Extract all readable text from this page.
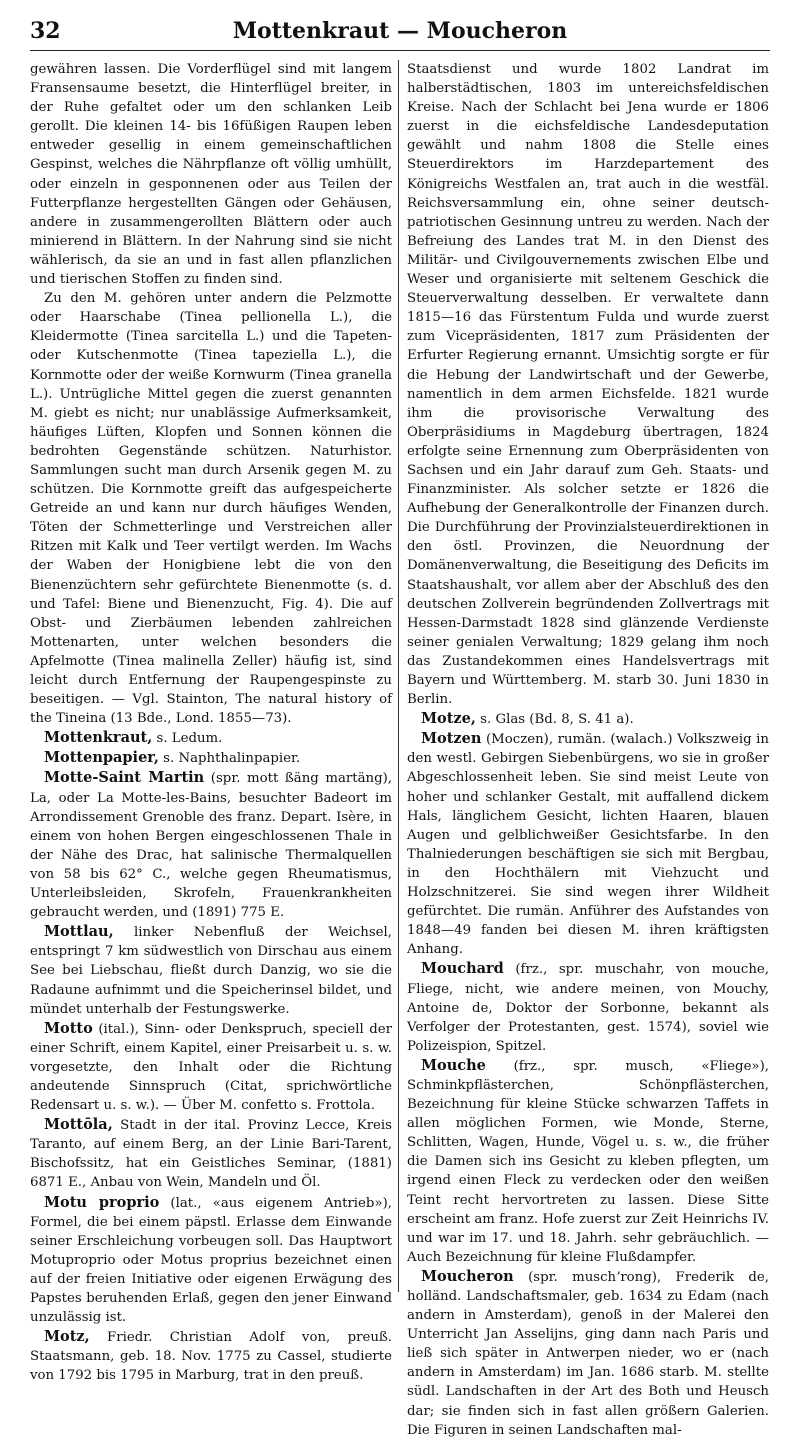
32	Mottenkraut — Moucheron

gewähren lassen. Die Vorderflügel sind mit langem Fransensaume besetzt, die Hinterflügel breiter, in der Ruhe gefaltet oder um den schlanken Leib gerollt. Die kleinen 14- bis 16füßigen Raupen leben entweder gesellig in einem gemeinschaftlichen Gespinst, welches die Nährpflanze oft völlig umhüllt, oder einzeln in gesponnenen oder aus Teilen der Futterpflanze hergestellten Gängen oder Gehäusen, andere in zusammengerollten Blättern oder auch minierend in Blättern. In der Nahrung sind sie nicht wählerisch, da sie an und in fast allen pflanzlichen und tierischen Stoffen zu finden sind.

Zu den M. gehören unter andern die Pelzmotte oder Haarschabe (Tinea pellionella L.), die Kleidermotte (Tinea sarcitella L.) und die Tapeten- oder Kutschenmotte (Tinea tapeziella L.), die Kornmotte oder der weiße Kornwurm (Tinea granella L.). Untrügliche Mittel gegen die zuerst genannten M. giebt es nicht; nur unablässige Aufmerksamkeit, häufiges Lüften, Klopfen und Sonnen können die bedrohten Gegenstände schützen. Naturhistor. Sammlungen sucht man durch Arsenik gegen M. zu schützen. Die Kornmotte greift das aufgespeicherte Getreide an und kann nur durch häufiges Wenden, Töten der Schmetterlinge und Verstreichen aller Ritzen mit Kalk und Teer vertilgt werden. Im Wachs der Waben der Honigbiene lebt die von den Bienenzüchtern sehr gefürchtete Bienenmotte (s. d. und Tafel: Biene und Bienenzucht, Fig. 4). Die auf Obst- und Zierbäumen lebenden zahlreichen Mottenarten, unter welchen besonders die Apfelmotte (Tinea malinella Zeller) häufig ist, sind leicht durch Entfernung der Raupengespinste zu beseitigen. — Vgl. Stainton, The natural history of the Tineina (13 Bde., Lond. 1855—73).

Mottenkraut, s. Ledum.

Mottenpapier, s. Naphthalinpapier.

Motte-Saint Martin (spr. mott ßäng martäng), La, oder La Motte-les-Bains, besuchter Badeort im Arrondissement Grenoble des franz. Depart. Isère, in einem von hohen Bergen eingeschlossenen Thale in der Nähe des Drac, hat salinische Thermalquellen von 58 bis 62° C., welche gegen Rheumatismus, Unterleibsleiden, Skrofeln, Frauenkrankheiten gebraucht werden, und (1891) 775 E.

Mottlau, linker Nebenfluß der Weichsel, entspringt 7 km südwestlich von Dirschau aus einem See bei Liebschau, fließt durch Danzig, wo sie die Radaune aufnimmt und die Speicherinsel bildet, und mündet unterhalb der Festungswerke.

Motto (ital.), Sinn- oder Denkspruch, speciell der einer Schrift, einem Kapitel, einer Preisarbeit u. s. w. vorgesetzte, den Inhalt oder die Richtung andeutende Sinnspruch (Citat, sprichwörtliche Redensart u. s. w.). — Über M. confetto s. Frottola.

Mottōla, Stadt in der ital. Provinz Lecce, Kreis Taranto, auf einem Berg, an der Linie Bari-Tarent, Bischofssitz, hat ein Geistliches Seminar, (1881) 6871 E., Anbau von Wein, Mandeln und Öl.

Motu proprio (lat., «aus eigenem Antrieb»), Formel, die bei einem päpstl. Erlasse dem Einwande seiner Erschleichung vorbeugen soll. Das Hauptwort Motuproprio oder Motus proprius bezeichnet einen auf der freien Initiative oder eigenen Erwägung des Papstes beruhenden Erlaß, gegen den jener Einwand unzulässig ist.

Motz, Friedr. Christian Adolf von, preuß. Staatsmann, geb. 18. Nov. 1775 zu Cassel, studierte von 1792 bis 1795 in Marburg, trat in den preuß.

Staatsdienst und wurde 1802 Landrat im halberstädtischen, 1803 im untereichsfeldischen Kreise. Nach der Schlacht bei Jena wurde er 1806 zuerst in die eichsfeldische Landesdeputation gewählt und nahm 1808 die Stelle eines Steuerdirektors im Harzdepartement des Königreichs Westfalen an, trat auch in die westfäl. Reichsversammlung ein, ohne seiner deutsch-patriotischen Gesinnung untreu zu werden. Nach der Befreiung des Landes trat M. in den Dienst des Militär- und Civilgouvernements zwischen Elbe und Weser und organisierte mit seltenem Geschick die Steuerverwaltung desselben. Er verwaltete dann 1815—16 das Fürstentum Fulda und wurde zuerst zum Vicepräsidenten, 1817 zum Präsidenten der Erfurter Regierung ernannt. Umsichtig sorgte er für die Hebung der Landwirtschaft und der Gewerbe, namentlich in dem armen Eichsfelde. 1821 wurde ihm die provisorische Verwaltung des Oberpräsidiums in Magdeburg übertragen, 1824 erfolgte seine Ernennung zum Oberpräsidenten von Sachsen und ein Jahr darauf zum Geh. Staats- und Finanzminister. Als solcher setzte er 1826 die Aufhebung der Generalkontrolle der Finanzen durch. Die Durchführung der Provinzialsteuerdirektionen in den östl. Provinzen, die Neuordnung der Domänenverwaltung, die Beseitigung des Deficits im Staatshaushalt, vor allem aber der Abschluß des den deutschen Zollverein begründenden Zollvertrags mit Hessen-Darmstadt 1828 sind glänzende Verdienste seiner genialen Verwaltung; 1829 gelang ihm noch das Zustandekommen eines Handelsvertrags mit Bayern und Württemberg. M. starb 30. Juni 1830 in Berlin.

Motze, s. Glas (Bd. 8, S. 41 a).

Motzen (Moczen), rumän. (walach.) Volkszweig in den westl. Gebirgen Siebenbürgens, wo sie in großer Abgeschlossenheit leben. Sie sind meist Leute von hoher und schlanker Gestalt, mit auffallend dickem Hals, länglichem Gesicht, lichten Haaren, blauen Augen und gelblichweißer Gesichtsfarbe. In den Thalniederungen beschäftigen sie sich mit Bergbau, in den Hochthälern mit Viehzucht und Holzschnitzerei. Sie sind wegen ihrer Wildheit gefürchtet. Die rumän. Anführer des Aufstandes von 1848—49 fanden bei diesen M. ihren kräftigsten Anhang.

Mouchard (frz., spr. muschahr, von mouche, Fliege, nicht, wie andere meinen, von Mouchy, Antoine de, Doktor der Sorbonne, bekannt als Verfolger der Protestanten, gest. 1574), soviel wie Polizeispion, Spitzel.

Mouche (frz., spr. musch, «Fliege»), Schminkpflästerchen, Schönpflästerchen, Bezeichnung für kleine Stücke schwarzen Taffets in allen möglichen Formen, wie Monde, Sterne, Schlitten, Wagen, Hunde, Vögel u. s. w., die früher die Damen sich ins Gesicht zu kleben pflegten, um irgend einen Fleck zu verdecken oder den weißen Teint recht hervortreten zu lassen. Diese Sitte erscheint am franz. Hofe zuerst zur Zeit Heinrichs IV. und war im 17. und 18. Jahrh. sehr gebräuchlich. — Auch Bezeichnung für kleine Flußdampfer.

Moucheron (spr. muschʼrong), Frederik de, holländ. Landschaftsmaler, geb. 1634 zu Edam (nach andern in Amsterdam), genoß in der Malerei den Unterricht Jan Asselijns, ging dann nach Paris und ließ sich später in Antwerpen nieder, wo er (nach andern in Amsterdam) im Jan. 1686 starb. M. stellte südl. Landschaften in der Art des Both und Heusch dar; sie finden sich in fast allen größern Galerien. Die Figuren in seinen Landschaften mal-
